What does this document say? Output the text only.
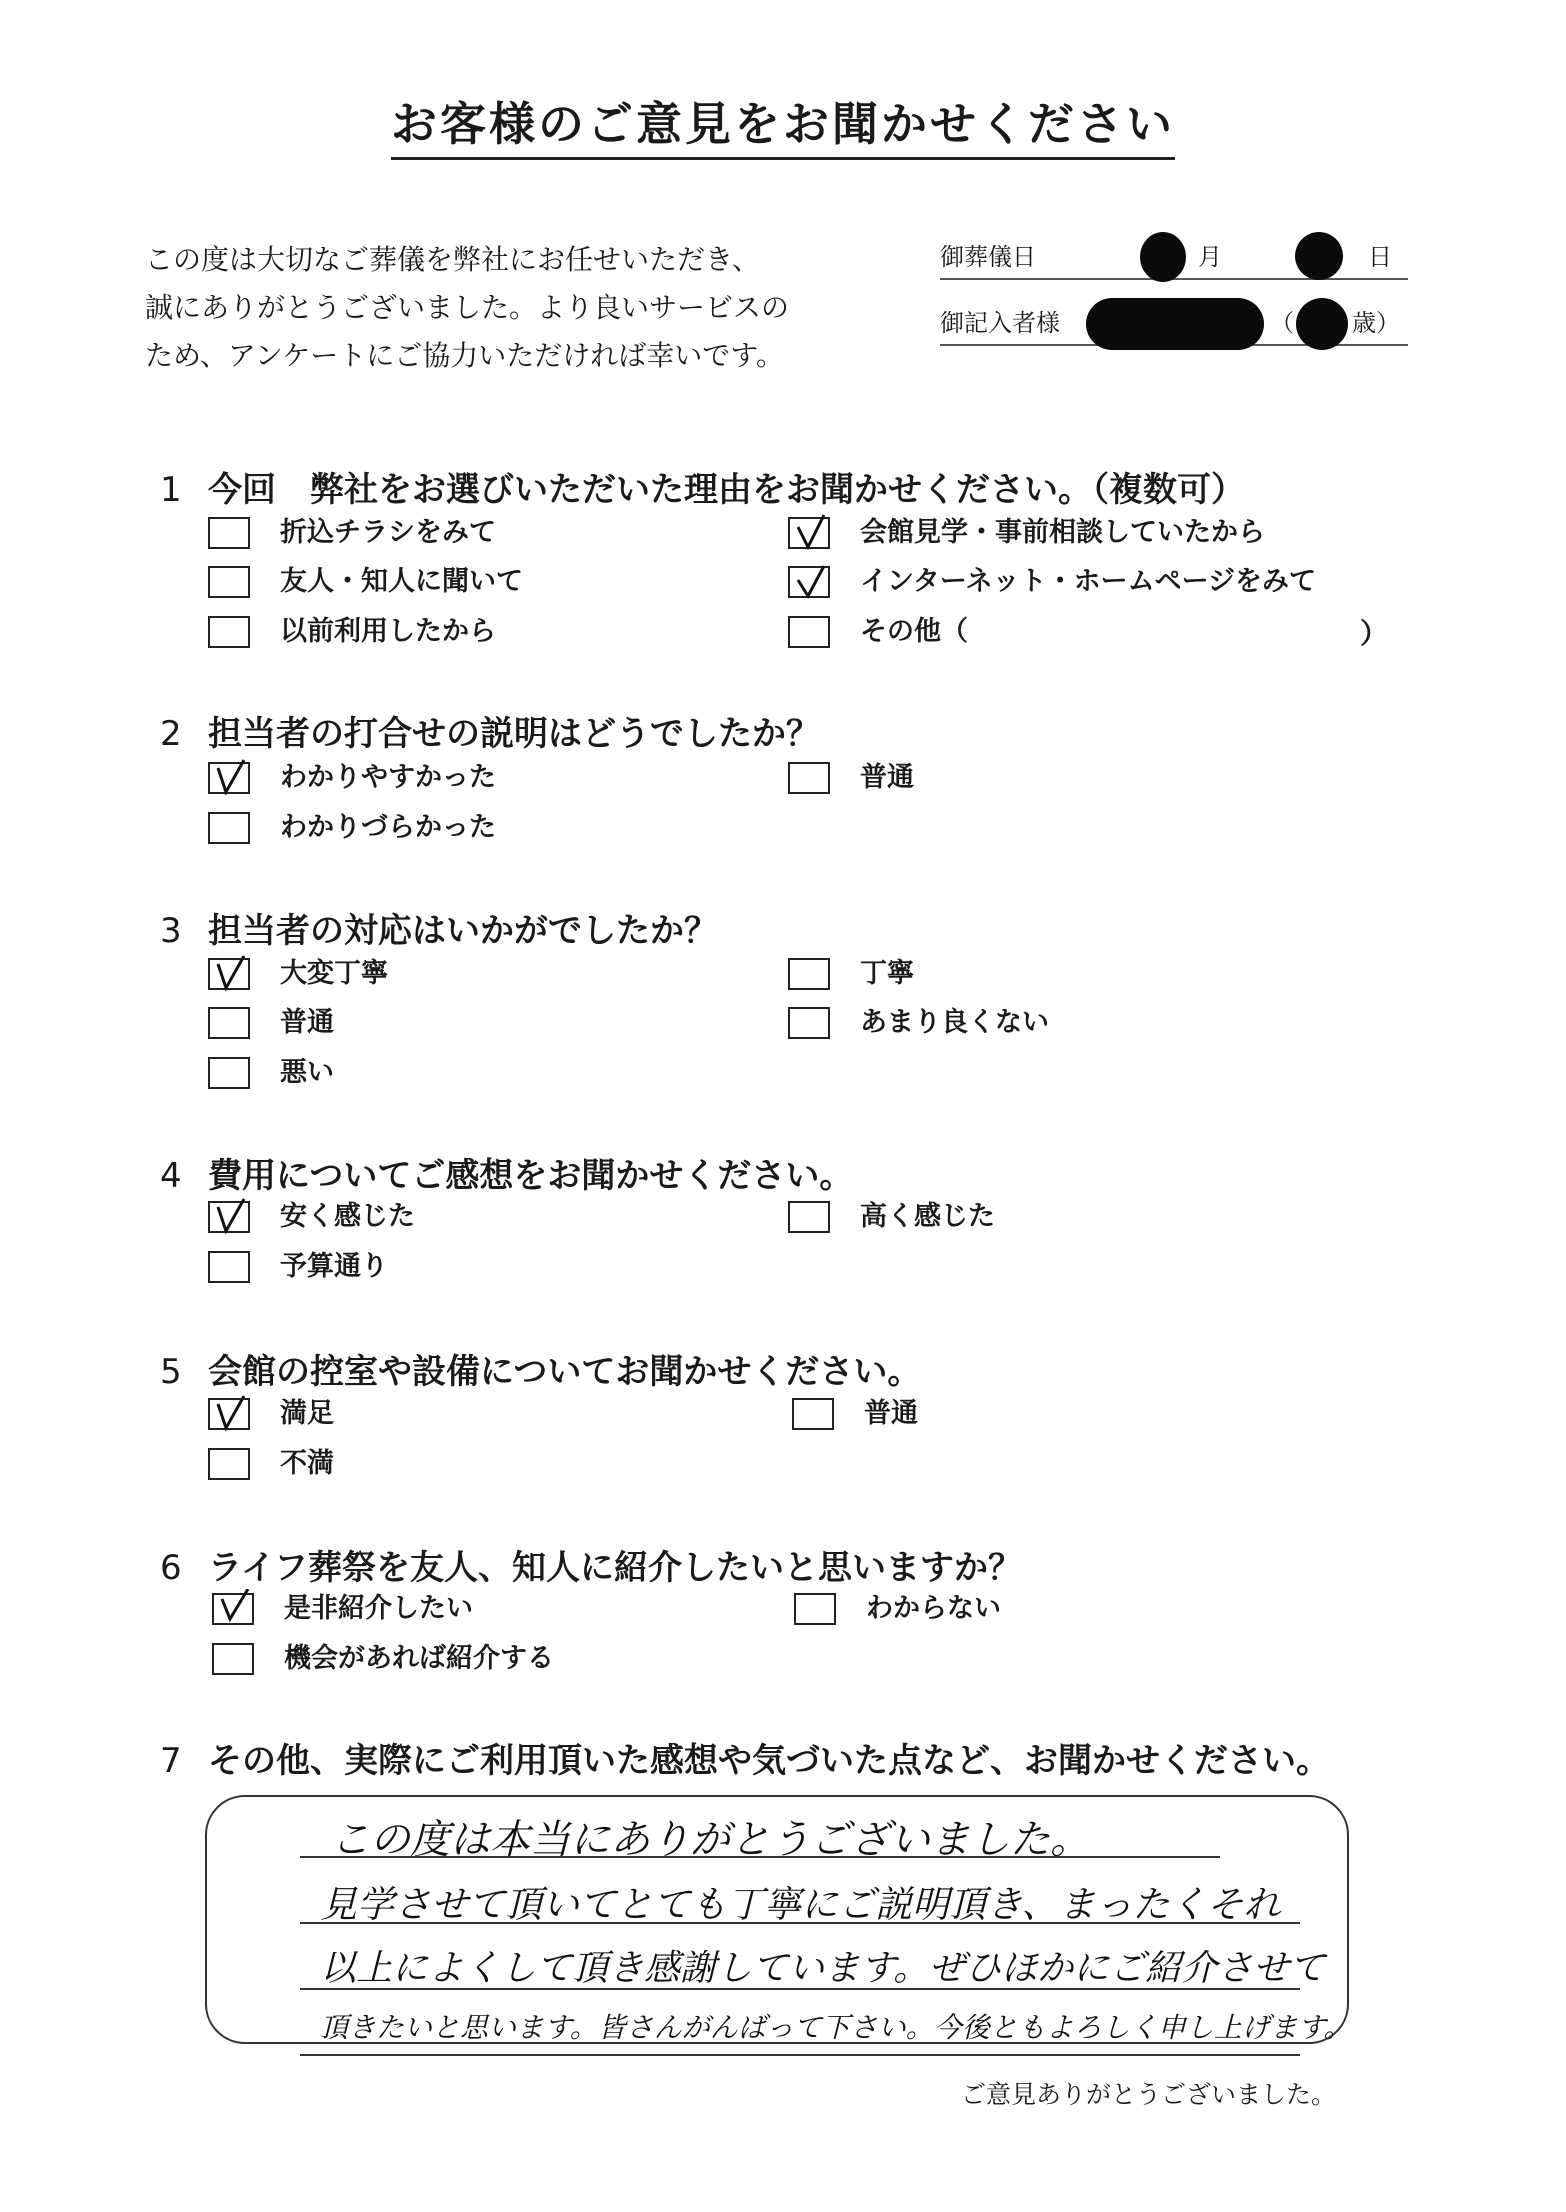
お客様のご意見をお聞かせください
この度は大切なご葬儀を弊社にお任せいただき、
誠にありがとうございました。より良いサービスの
ため、アンケートにご協力いただければ幸いです。
御葬儀日	月	日
御記入者様	（ 歳）
1 今回　弊社をお選びいただいた理由をお聞かせください。（複数可）
折込チラシをみて	会館見学・事前相談していたから
友人・知人に聞いて	インターネット・ホームページをみて
以前利用したから	その他（	）
2 担当者の打合せの説明はどうでしたか？
わかりやすかった	普通
わかりづらかった
3 担当者の対応はいかがでしたか？
大変丁寧	丁寧
普通	あまり良くない
悪い
4 費用についてご感想をお聞かせください。
安く感じた	高く感じた
予算通り
5 会館の控室や設備についてお聞かせください。
満足	普通
不満
6 ライフ葬祭を友人、知人に紹介したいと思いますか？
是非紹介したい	わからない
機会があれば紹介する
7 その他、実際にご利用頂いた感想や気づいた点など、お聞かせください。
この度は本当にありがとうございました。
見学させて頂いてとても丁寧にご説明頂き、まったくそれ
以上によくして頂き感謝しています。ぜひほかにご紹介させて
頂きたいと思います。皆さんがんばって下さい。今後ともよろしく申し上げます。
ご意見ありがとうございました。
